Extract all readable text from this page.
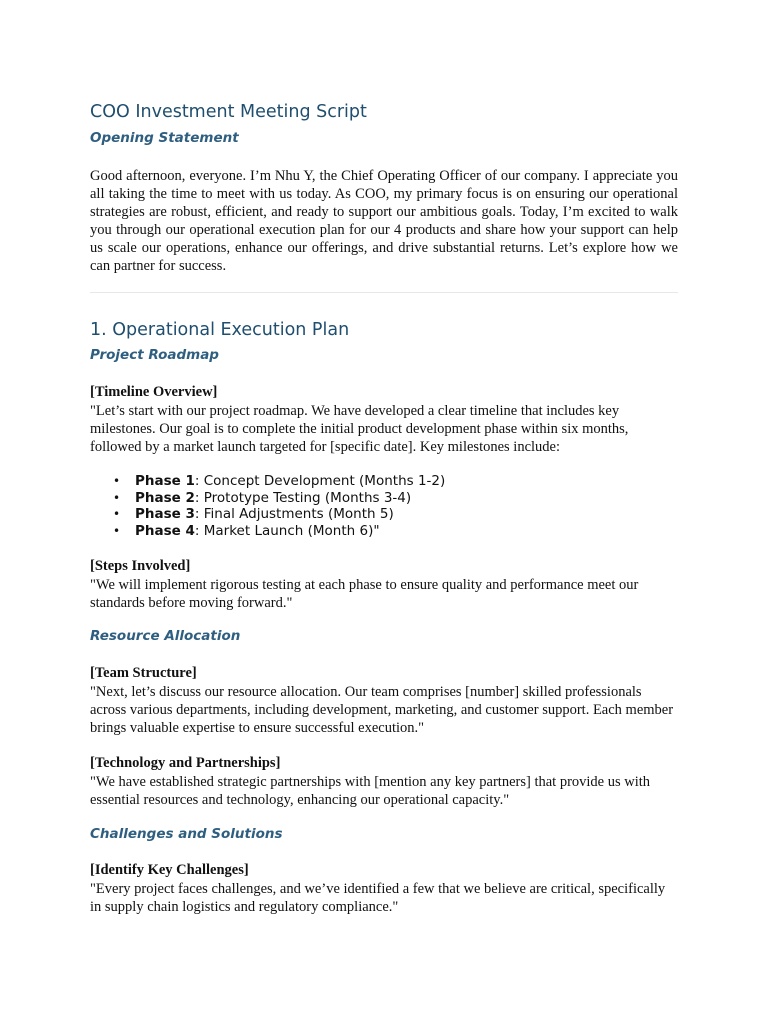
COO Investment Meeting Script
Opening Statement

Good afternoon, everyone. I’m Nhu Y, the Chief Operating Officer of our company. I appreciate you all taking the time to meet with us today. As COO, my primary focus is on ensuring our operational strategies are robust, efficient, and ready to support our ambitious goals. Today, I’m excited to walk you through our operational execution plan for our 4 products and share how your support can help us scale our operations, enhance our offerings, and drive substantial returns. Let’s explore how we can partner for success.

1. Operational Execution Plan
Project Roadmap

[Timeline Overview]

"Let’s start with our project roadmap. We have developed a clear timeline that includes key milestones. Our goal is to complete the initial product development phase within six months, followed by a market launch targeted for [specific date]. Key milestones include:

• Phase 1: Concept Development (Months 1-2)
• Phase 2: Prototype Testing (Months 3-4)
• Phase 3: Final Adjustments (Month 5)
• Phase 4: Market Launch (Month 6)"

[Steps Involved]

"We will implement rigorous testing at each phase to ensure quality and performance meet our standards before moving forward."

Resource Allocation

[Team Structure]

"Next, let’s discuss our resource allocation. Our team comprises [number] skilled professionals across various departments, including development, marketing, and customer support. Each member brings valuable expertise to ensure successful execution."

[Technology and Partnerships]

"We have established strategic partnerships with [mention any key partners] that provide us with essential resources and technology, enhancing our operational capacity."

Challenges and Solutions

[Identify Key Challenges]

"Every project faces challenges, and we’ve identified a few that we believe are critical, specifically in supply chain logistics and regulatory compliance."
